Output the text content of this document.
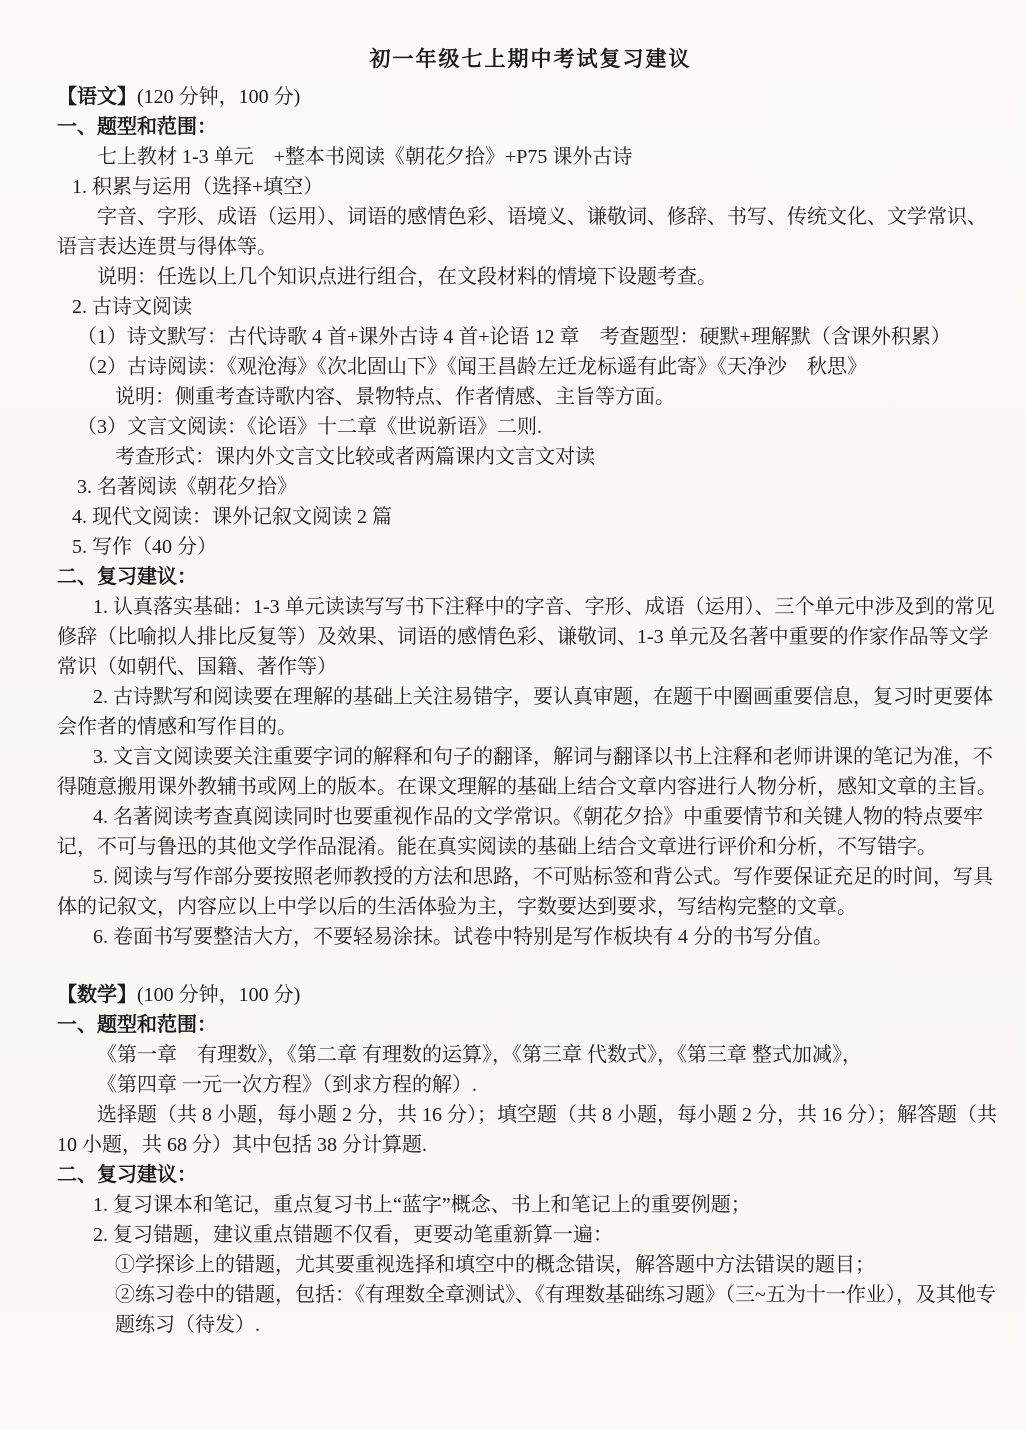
初一年级七上期中考试复习建议

【语文】(120 分钟，100 分)

一、题型和范围：

七上教材 1-3 单元　+整本书阅读《朝花夕拾》+P75 课外古诗

1. 积累与运用（选择+填空）

字音、字形、成语（运用）、词语的感情色彩、语境义、谦敬词、修辞、书写、传统文化、文学常识、语言表达连贯与得体等。

说明：任选以上几个知识点进行组合，在文段材料的情境下设题考查。

2. 古诗文阅读

（1）诗文默写：古代诗歌 4 首+课外古诗 4 首+论语 12 章　考查题型：硬默+理解默（含课外积累）

（2）古诗阅读：《观沧海》《次北固山下》《闻王昌龄左迁龙标遥有此寄》《天净沙　秋思》

说明：侧重考查诗歌内容、景物特点、作者情感、主旨等方面。

（3）文言文阅读：《论语》十二章《世说新语》二则.

考查形式：课内外文言文比较或者两篇课内文言文对读

3. 名著阅读《朝花夕拾》

4. 现代文阅读：课外记叙文阅读 2 篇

5. 写作（40 分）

二、复习建议：

1. 认真落实基础：1-3 单元读读写写书下注释中的字音、字形、成语（运用）、三个单元中涉及到的常见修辞（比喻拟人排比反复等）及效果、词语的感情色彩、谦敬词、1-3 单元及名著中重要的作家作品等文学常识（如朝代、国籍、著作等）

2. 古诗默写和阅读要在理解的基础上关注易错字，要认真审题，在题干中圈画重要信息，复习时更要体会作者的情感和写作目的。

3. 文言文阅读要关注重要字词的解释和句子的翻译，解词与翻译以书上注释和老师讲课的笔记为准，不得随意搬用课外教辅书或网上的版本。在课文理解的基础上结合文章内容进行人物分析，感知文章的主旨。

4. 名著阅读考查真阅读同时也要重视作品的文学常识。《朝花夕拾》中重要情节和关键人物的特点要牢记，不可与鲁迅的其他文学作品混淆。能在真实阅读的基础上结合文章进行评价和分析，不写错字。

5. 阅读与写作部分要按照老师教授的方法和思路，不可贴标签和背公式。写作要保证充足的时间，写具体的记叙文，内容应以上中学以后的生活体验为主，字数要达到要求，写结构完整的文章。

6. 卷面书写要整洁大方，不要轻易涂抹。试卷中特别是写作板块有 4 分的书写分值。

【数学】(100 分钟，100 分)

一、题型和范围：

《第一章　有理数》，《第二章 有理数的运算》，《第三章 代数式》，《第三章 整式加减》，

《第四章 一元一次方程》（到求方程的解）.

选择题（共 8 小题，每小题 2 分，共 16 分）；填空题（共 8 小题，每小题 2 分，共 16 分）；解答题（共 10 小题，共 68 分）其中包括 38 分计算题.

二、复习建议：

1. 复习课本和笔记，重点复习书上“蓝字”概念、书上和笔记上的重要例题；

2. 复习错题，建议重点错题不仅看，更要动笔重新算一遍：

①学探诊上的错题，尤其要重视选择和填空中的概念错误，解答题中方法错误的题目；

②练习卷中的错题，包括：《有理数全章测试》、《有理数基础练习题》（三~五为十一作业），及其他专题练习（待发）.
